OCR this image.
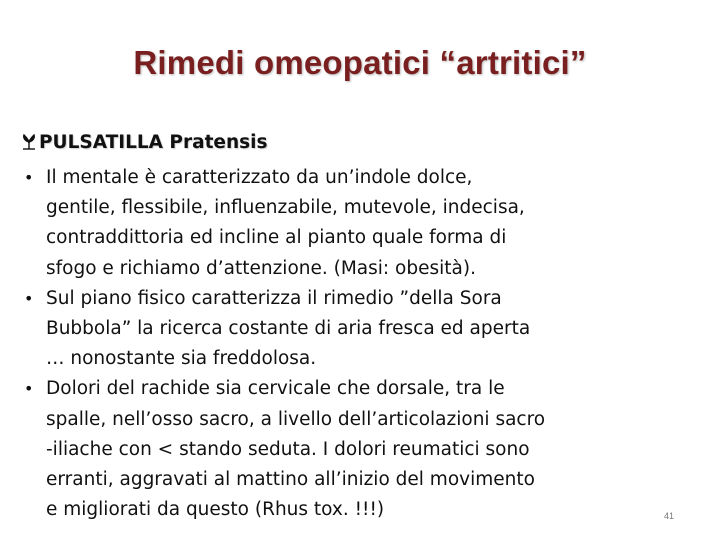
Rimedi omeopatici “artritici”
PULSATILLA Pratensis
• Il mentale è caratterizzato da un’indole dolce,
gentile, flessibile, influenzabile, mutevole, indecisa,
contraddittoria ed incline al pianto quale forma di
sfogo e richiamo d’attenzione. (Masi: obesità).
• Sul piano fisico caratterizza il rimedio ”della Sora
Bubbola” la ricerca costante di aria fresca ed aperta
… nonostante sia freddolosa.
• Dolori del rachide sia cervicale che dorsale, tra le
spalle, nell’osso sacro, a livello dell’articolazioni sacro
-iliache con < stando seduta. I dolori reumatici sono
erranti, aggravati al mattino all’inizio del movimento
e migliorati da questo (Rhus tox. !!!)	41
